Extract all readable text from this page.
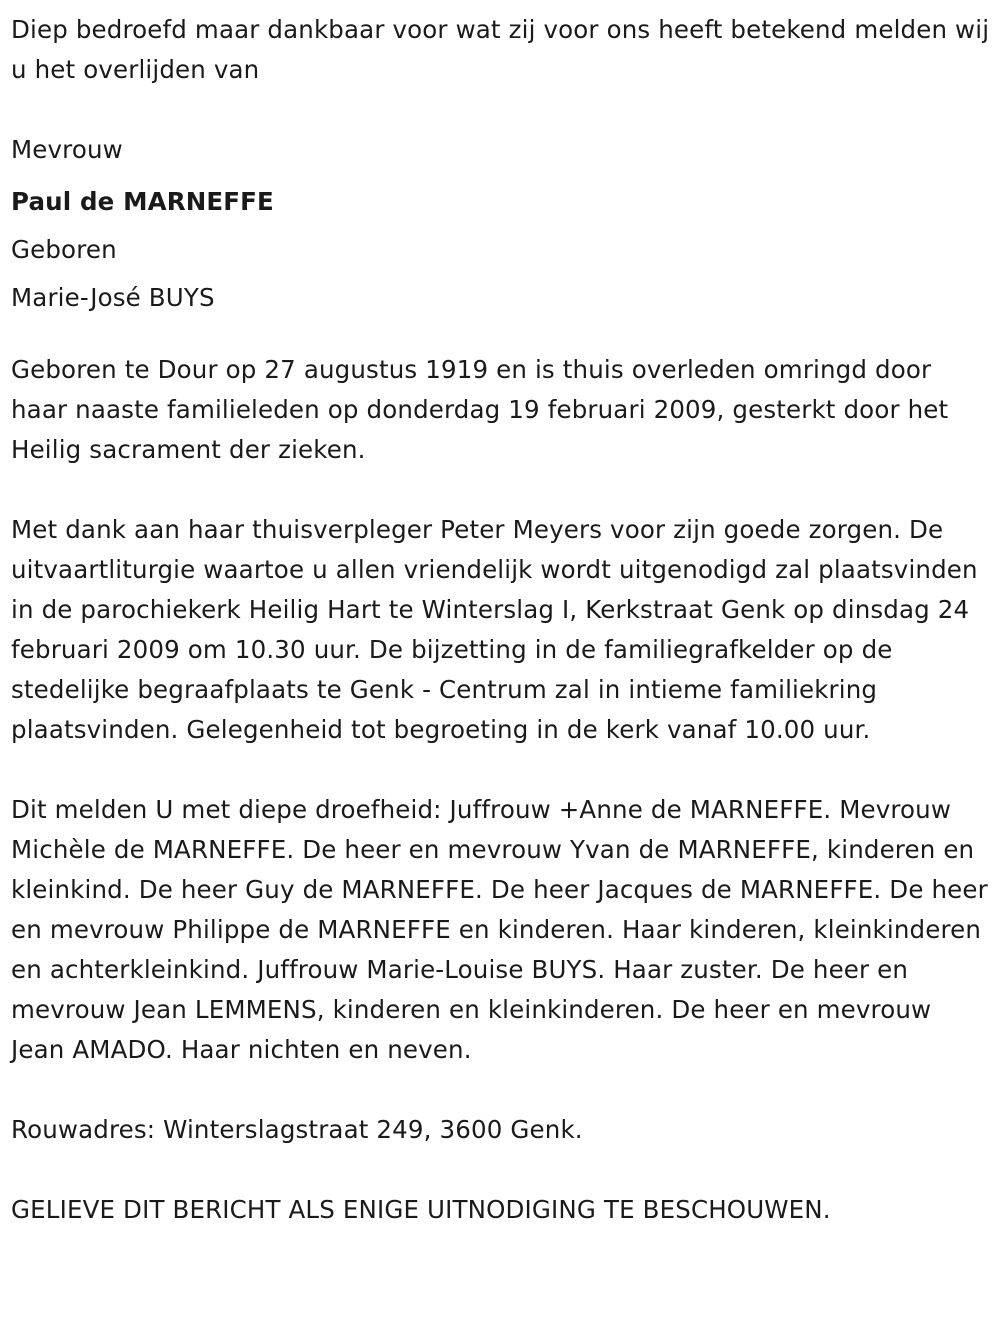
Diep bedroefd maar dankbaar voor wat zij voor ons heeft betekend melden wij u het overlijden van

Mevrouw

Paul de MARNEFFE

Geboren

Marie-José BUYS

Geboren te Dour op 27 augustus 1919 en is thuis overleden omringd door haar naaste familieleden op donderdag 19 februari 2009, gesterkt door het Heilig sacrament der zieken.

Met dank aan haar thuisverpleger Peter Meyers voor zijn goede zorgen. De uitvaartliturgie waartoe u allen vriendelijk wordt uitgenodigd zal plaatsvinden in de parochiekerk Heilig Hart te Winterslag I, Kerkstraat Genk op dinsdag 24 februari 2009 om 10.30 uur. De bijzetting in de familiegrafkelder op de stedelijke begraafplaats te Genk - Centrum zal in intieme familiekring plaatsvinden. Gelegenheid tot begroeting in de kerk vanaf 10.00 uur.

Dit melden U met diepe droefheid: Juffrouw +Anne de MARNEFFE. Mevrouw Michèle de MARNEFFE. De heer en mevrouw Yvan de MARNEFFE, kinderen en kleinkind. De heer Guy de MARNEFFE. De heer Jacques de MARNEFFE. De heer en mevrouw Philippe de MARNEFFE en kinderen. Haar kinderen, kleinkinderen en achterkleinkind. Juffrouw Marie-Louise BUYS. Haar zuster. De heer en mevrouw Jean LEMMENS, kinderen en kleinkinderen. De heer en mevrouw Jean AMADO. Haar nichten en neven.

Rouwadres: Winterslagstraat 249, 3600 Genk.

GELIEVE DIT BERICHT ALS ENIGE UITNODIGING TE BESCHOUWEN.
